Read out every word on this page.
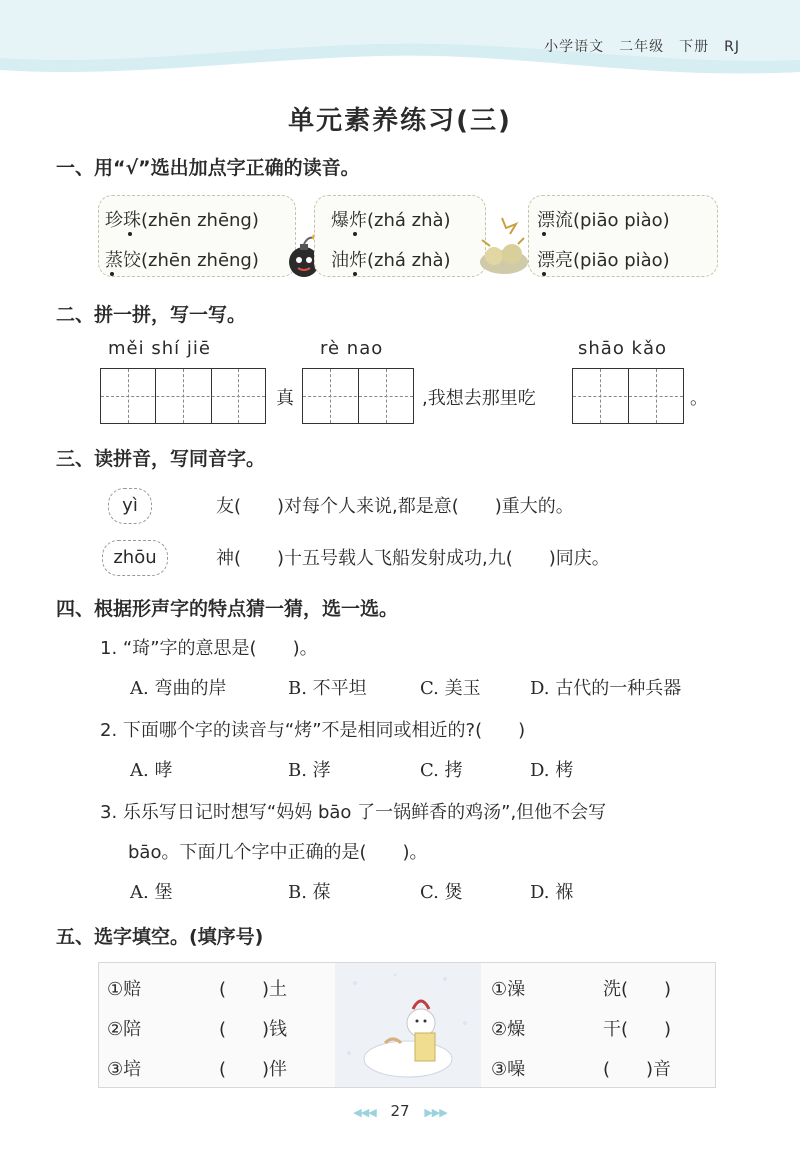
小学语文　二年级　下册　RJ
单元素养练习(三)
一、用“√”选出加点字正确的读音。
珍珠(zhēn zhēng)
蒸饺(zhēn zhēng)
爆炸(zhá zhà)
油炸(zhá zhà)
漂流(piāo piào)
漂亮(piāo piào)
二、拼一拼，写一写。
měi shí jiē	rè nao	shāo kǎo
真	,我想去那里吃	。
三、读拼音，写同音字。
yì	友(　　)对每个人来说,都是意(　　)重大的。
zhōu	神(　　)十五号载人飞船发射成功,九(　　)同庆。
四、根据形声字的特点猜一猜，选一选。
1. “琦”字的意思是(　　)。
A. 弯曲的岸	B. 不平坦	C. 美玉	D. 古代的一种兵器
2. 下面哪个字的读音与“烤”不是相同或相近的?(　　)
A. 哮	B. 涍	C. 拷	D. 栲
3. 乐乐写日记时想写“妈妈 bāo 了一锅鲜香的鸡汤”,但他不会写
bāo。下面几个字中正确的是(　　)。
A. 堡	B. 葆	C. 煲	D. 褓
五、选字填空。(填序号)
①赔	(　　)土
②陪	(　　)钱
③培	(　　)伴
①澡	洗(　　)
②燥	干(　　)
③噪	(　　)音
◀◀◀ 27 ▶▶▶
